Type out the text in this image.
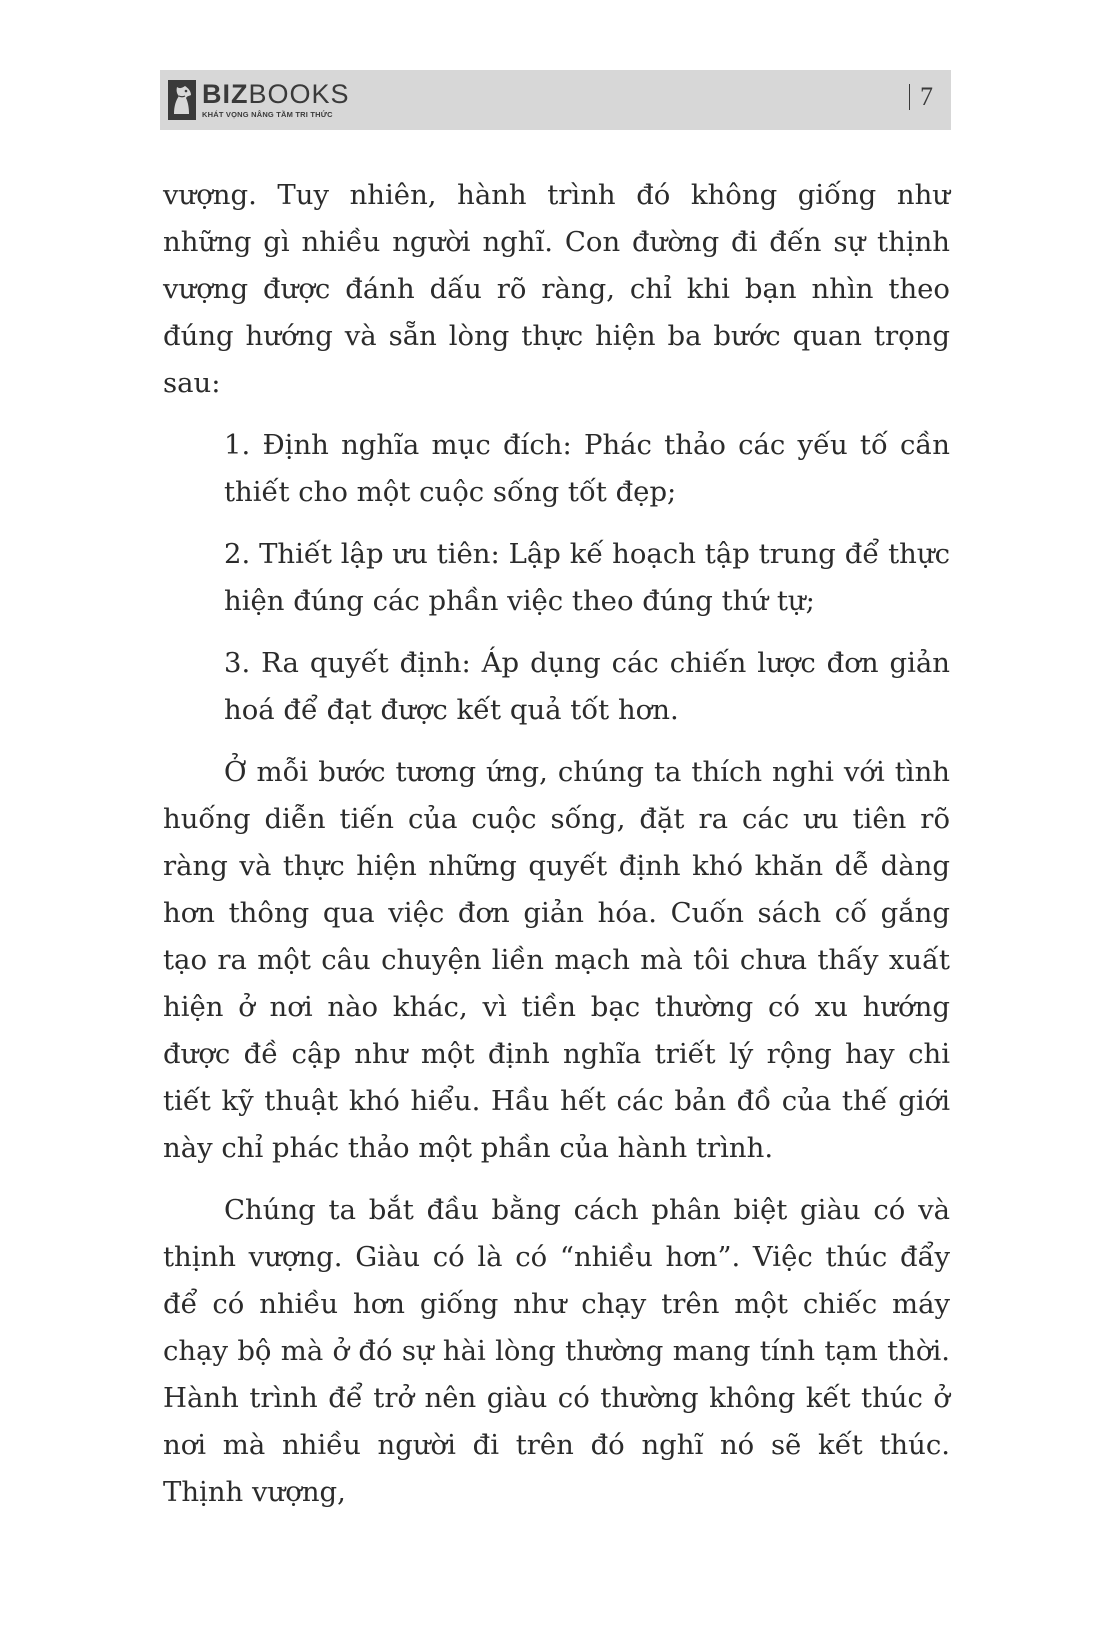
BIZBOOKS
KHÁT VỌNG NÂNG TẦM TRI THỨC
7

vượng. Tuy nhiên, hành trình đó không giống như những gì nhiều người nghĩ. Con đường đi đến sự thịnh vượng được đánh dấu rõ ràng, chỉ khi bạn nhìn theo đúng hướng và sẵn lòng thực hiện ba bước quan trọng sau:

1. Định nghĩa mục đích: Phác thảo các yếu tố cần thiết cho một cuộc sống tốt đẹp;
2. Thiết lập ưu tiên: Lập kế hoạch tập trung để thực hiện đúng các phần việc theo đúng thứ tự;
3. Ra quyết định: Áp dụng các chiến lược đơn giản hoá để đạt được kết quả tốt hơn.

Ở mỗi bước tương ứng, chúng ta thích nghi với tình huống diễn tiến của cuộc sống, đặt ra các ưu tiên rõ ràng và thực hiện những quyết định khó khăn dễ dàng hơn thông qua việc đơn giản hóa. Cuốn sách cố gắng tạo ra một câu chuyện liền mạch mà tôi chưa thấy xuất hiện ở nơi nào khác, vì tiền bạc thường có xu hướng được đề cập như một định nghĩa triết lý rộng hay chi tiết kỹ thuật khó hiểu. Hầu hết các bản đồ của thế giới này chỉ phác thảo một phần của hành trình.

Chúng ta bắt đầu bằng cách phân biệt giàu có và thịnh vượng. Giàu có là có “nhiều hơn”. Việc thúc đẩy để có nhiều hơn giống như chạy trên một chiếc máy chạy bộ mà ở đó sự hài lòng thường mang tính tạm thời. Hành trình để trở nên giàu có thường không kết thúc ở nơi mà nhiều người đi trên đó nghĩ nó sẽ kết thúc. Thịnh vượng,
